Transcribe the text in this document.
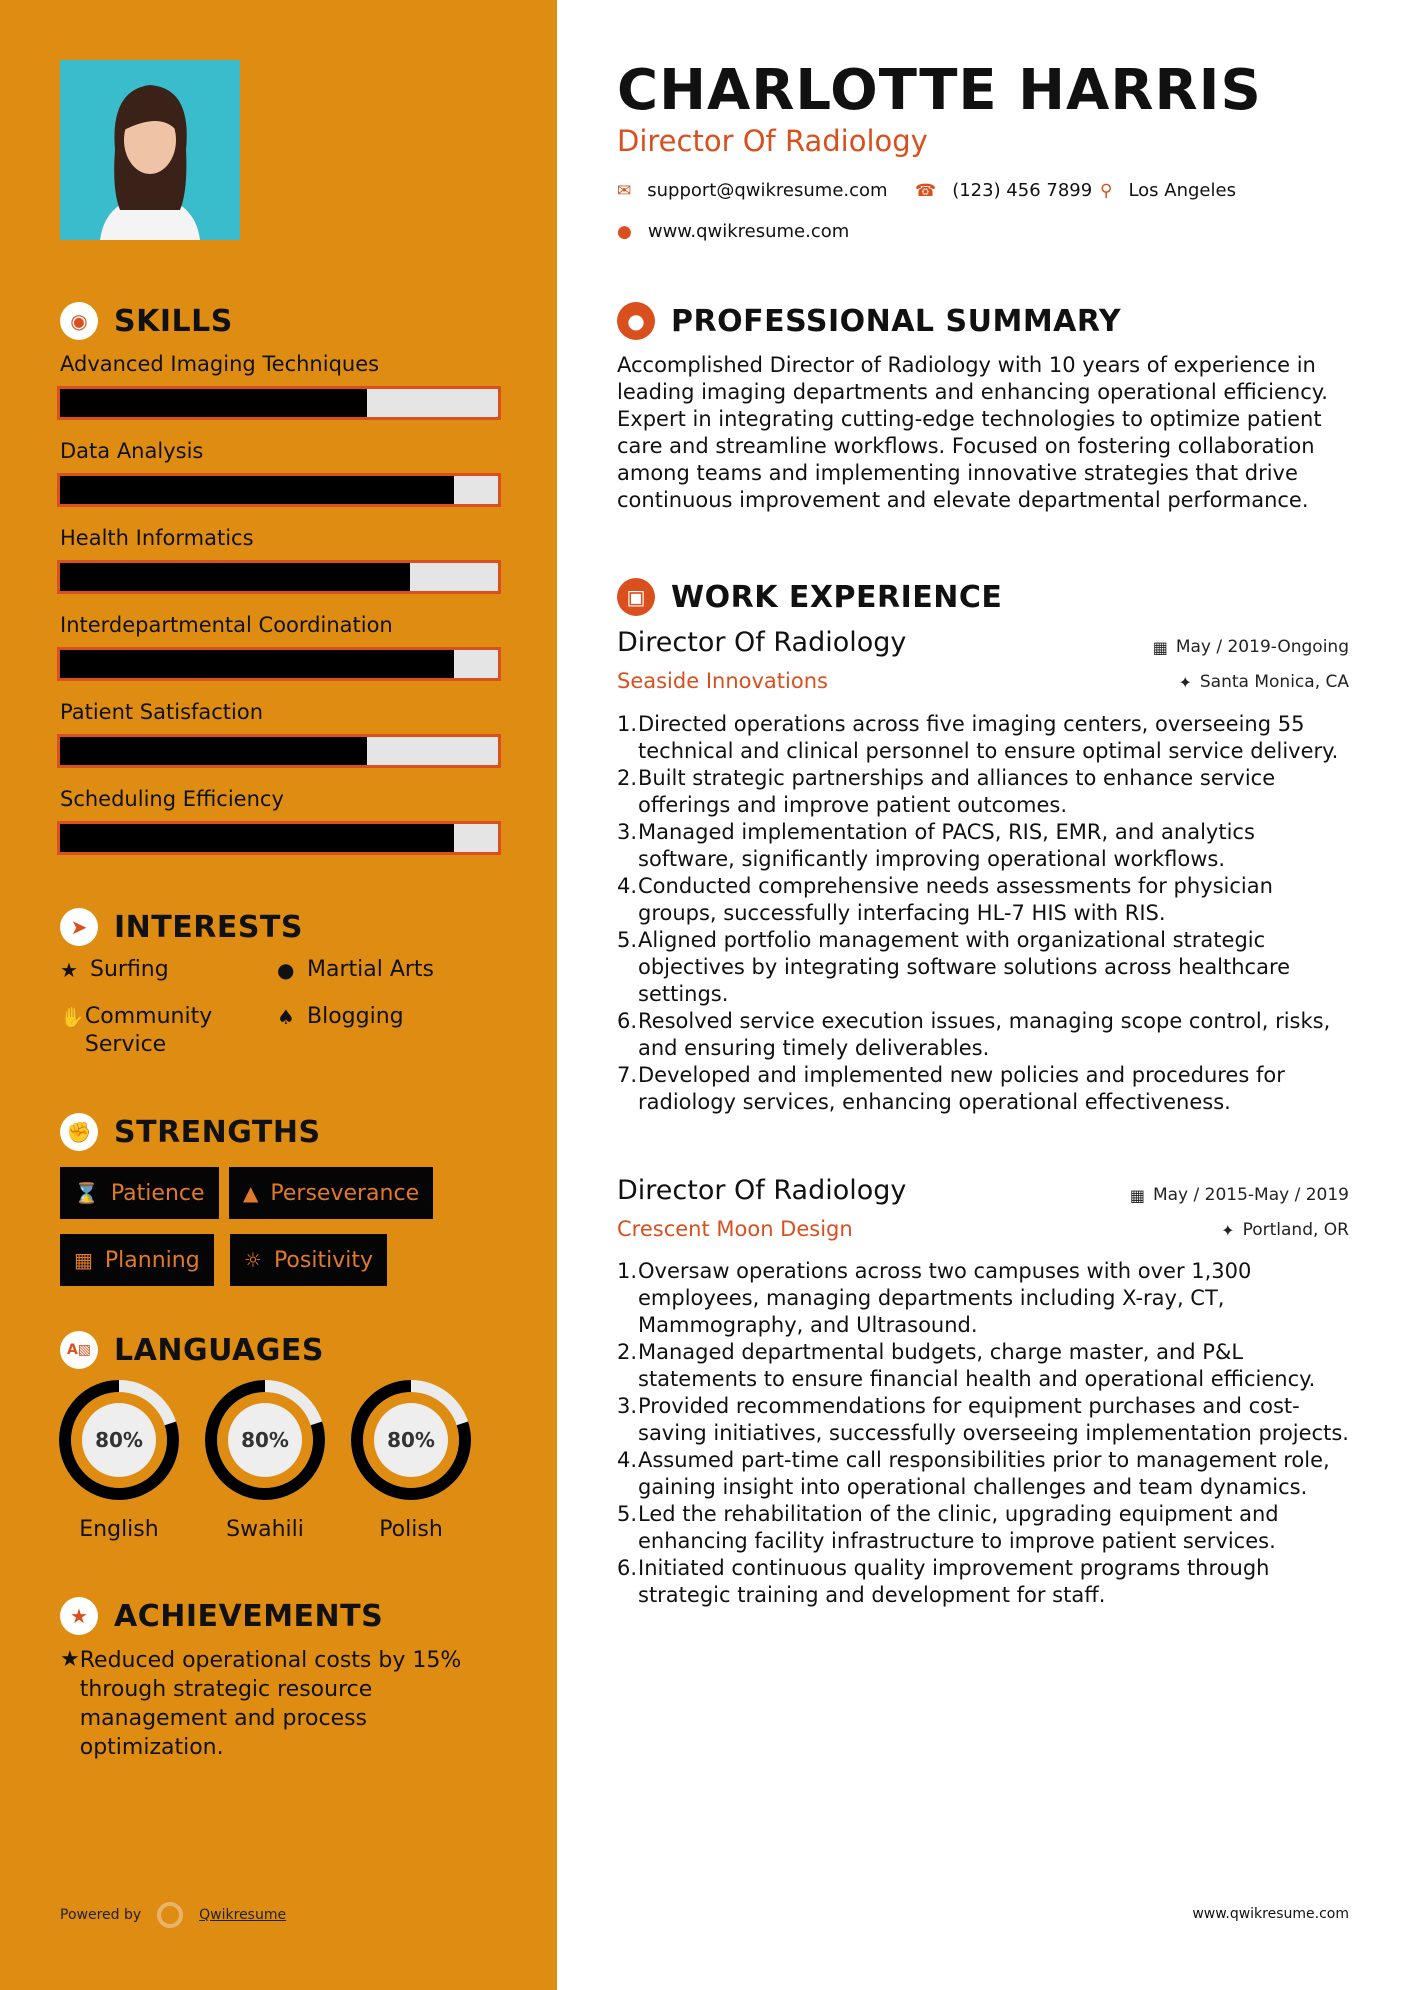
◉ SKILLS
Advanced Imaging Techniques
Data Analysis
Health Informatics
Interdepartmental Coordination
Patient Satisfaction
Scheduling Efficiency
➤ INTERESTS
★ Surfing	● Martial Arts
✋ Community Service
♠ Blogging
✊ STRENGTHS
⌛ Patience ▲ Perseverance
▦ Planning ☼ Positivity
A▧ LANGUAGES
80%
English
80%
Swahili
80%
Polish
★ ACHIEVEMENTS
★ Reduced operational costs by 15% through strategic resource management and process optimization.
Powered by	Qwikresume
CHARLOTTE HARRIS
Director Of Radiology
✉ support@qwikresume.com ☎ (123) 456 7899 ⚲ Los Angeles
● www.qwikresume.com
● PROFESSIONAL SUMMARY
Accomplished Director of Radiology with 10 years of experience in leading imaging departments and enhancing operational efficiency. Expert in integrating cutting-edge technologies to optimize patient care and streamline workflows. Focused on fostering collaboration among teams and implementing innovative strategies that drive continuous improvement and elevate departmental performance.
▣ WORK EXPERIENCE
Director Of Radiology	▦ May / 2019-Ongoing
Seaside Innovations	✦ Santa Monica, CA
1. Directed operations across five imaging centers, overseeing 55 technical and clinical personnel to ensure optimal service delivery.
2. Built strategic partnerships and alliances to enhance service offerings and improve patient outcomes.
3. Managed implementation of PACS, RIS, EMR, and analytics software, significantly improving operational workflows.
4. Conducted comprehensive needs assessments for physician groups, successfully interfacing HL-7 HIS with RIS.
5. Aligned portfolio management with organizational strategic objectives by integrating software solutions across healthcare settings.
6. Resolved service execution issues, managing scope control, risks, and ensuring timely deliverables.
7. Developed and implemented new policies and procedures for radiology services, enhancing operational effectiveness.
Director Of Radiology	▦ May / 2015-May / 2019
Crescent Moon Design	✦ Portland, OR
1. Oversaw operations across two campuses with over 1,300 employees, managing departments including X-ray, CT, Mammography, and Ultrasound.
2. Managed departmental budgets, charge master, and P&L statements to ensure financial health and operational efficiency.
3. Provided recommendations for equipment purchases and cost-saving initiatives, successfully overseeing implementation projects.
4. Assumed part-time call responsibilities prior to management role, gaining insight into operational challenges and team dynamics.
5. Led the rehabilitation of the clinic, upgrading equipment and enhancing facility infrastructure to improve patient services.
6. Initiated continuous quality improvement programs through strategic training and development for staff.
www.qwikresume.com
